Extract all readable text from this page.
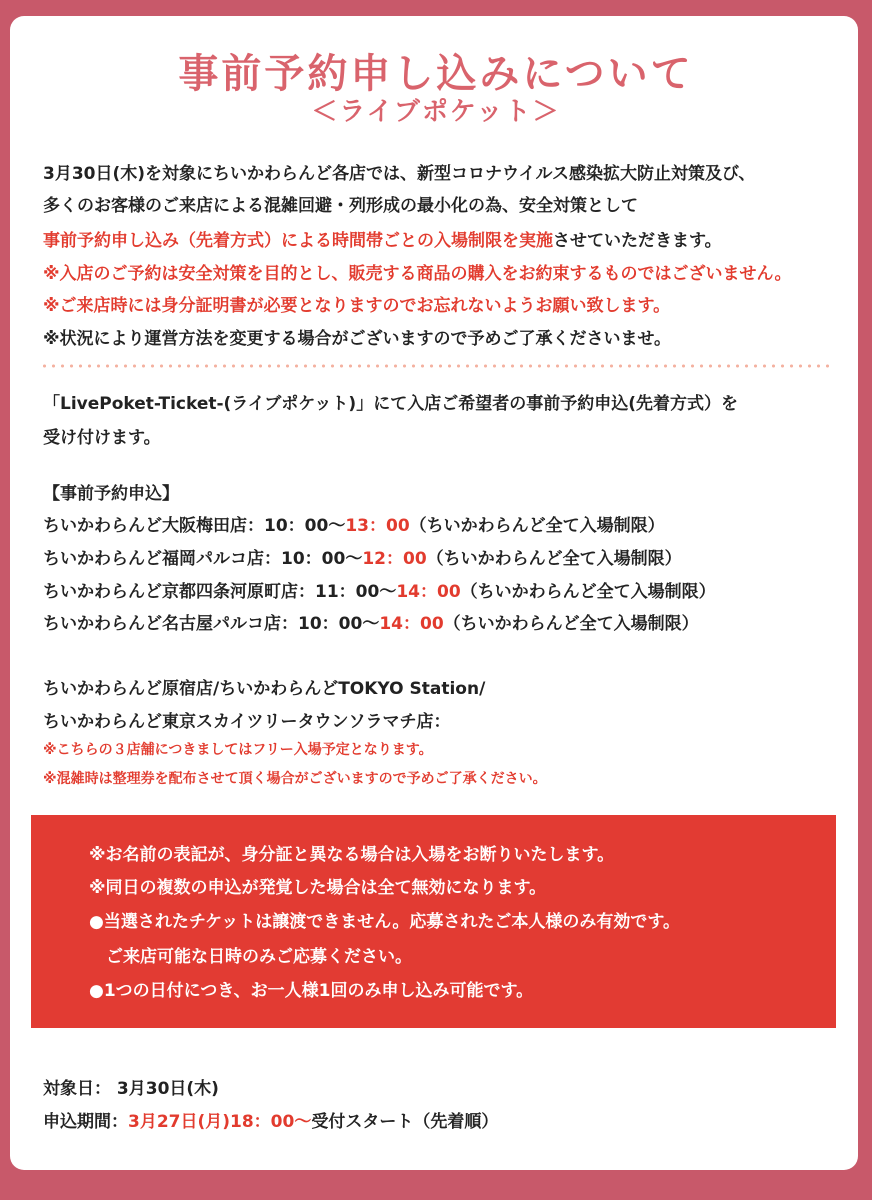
事前予約申し込みについて
＜ライブポケット＞
3月30日(木)を対象にちいかわらんど各店では、新型コロナウイルス感染拡大防止対策及び、
多くのお客様のご来店による混雑回避・列形成の最小化の為、安全対策として
事前予約申し込み（先着方式）による時間帯ごとの入場制限を実施させていただきます。
※入店のご予約は安全対策を目的とし、販売する商品の購入をお約束するものではございません。
※ご来店時には身分証明書が必要となりますのでお忘れないようお願い致します。
※状況により運営方法を変更する場合がございますので予めご了承くださいませ。
「LivePoket-Ticket-(ライブポケット)」にて入店ご希望者の事前予約申込(先着方式）を
受け付けます。
【事前予約申込】
ちいかわらんど大阪梅田店：10：00〜13：00（ちいかわらんど全て入場制限）
ちいかわらんど福岡パルコ店：10：00〜12：00（ちいかわらんど全て入場制限）
ちいかわらんど京都四条河原町店：11：00〜14：00（ちいかわらんど全て入場制限）
ちいかわらんど名古屋パルコ店：10：00〜14：00（ちいかわらんど全て入場制限）
ちいかわらんど原宿店/ちいかわらんどTOKYO Station/
ちいかわらんど東京スカイツリータウンソラマチ店：
※こちらの３店舗につきましてはフリー入場予定となります。
※混雑時は整理券を配布させて頂く場合がございますので予めご了承ください。
※お名前の表記が、身分証と異なる場合は入場をお断りいたします。
※同日の複数の申込が発覚した場合は全て無効になります。
●当選されたチケットは譲渡できません。応募されたご本人様のみ有効です。
　ご来店可能な日時のみご応募ください。
●1つの日付につき、お一人様1回のみ申し込み可能です。
対象日： 3月30日(木)
申込期間：3月27日(月)18：00〜受付スタート（先着順）
